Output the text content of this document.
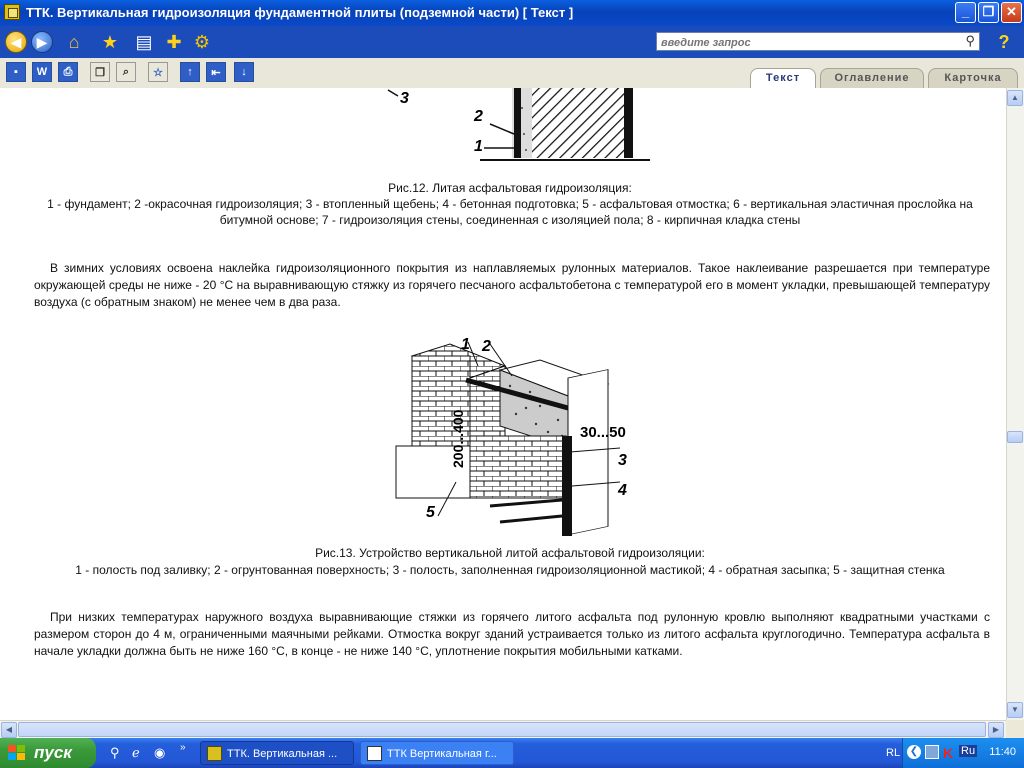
ТТК. Вертикальная гидроизоляция фундаментной плиты (подземной части) [ Текст ]	_	❐ ✕
◀	▶	⌂ ★ ▤ ✚ ⚙
введите запрос	⚲ ?
▪ W ⎙ ❐ ⌕ ☆ ↑ ⇤ ↓	Текст	Оглавление	Карточка
3
2
1
Рис.12. Литая асфальтовая гидроизоляция:
1 - фундамент; 2 -окрасочная гидроизоляция; 3 - втопленный щебень; 4 - бетонная подготовка; 5 - асфальтовая отмостка; 6 - вертикальная эластичная прослойка на битумной основе; 7 - гидроизоляция стены, соединенная с изоляцией пола; 8 - кирпичная кладка стены
В зимних условиях освоена наклейка гидроизоляционного покрытия из наплавляемых рулонных материалов. Такое наклеивание разрешается при температуре окружающей среды не ниже - 20 °С на выравнивающую стяжку из горячего песчаного асфальтобетона с температурой его в момент укладки, превышающей температуру воздуха (с обратным знаком) не менее чем в два раза.
1 2
30...50
3
4
200...400
5
Рис.13. Устройство вертикальной литой асфальтовой гидроизоляции:
1 - полость под заливку; 2 - огрунтованная поверхность; 3 - полость, заполненная гидроизоляционной мастикой; 4 - обратная засыпка; 5 - защитная стенка
При низких температурах наружного воздуха выравнивающие стяжки из горячего литого асфальта под рулонную кровлю выполняют квадратными участками с размером сторон до 4 м, ограниченными маячными рейками. Отмостка вокруг зданий устраивается только из литого асфальта круглогодично. Температура асфальта в начале укладки должна быть не ниже 160 °С, в конце - не ниже 140 °С, уплотнение покрытия мобильными катками.
▲
▼
◀	▶
пуск	⚲ ℯ	◉	»
ТТК. Вертикальная ...	ТТК Вертикальная г...	RL ❮ K Ru 11:40
